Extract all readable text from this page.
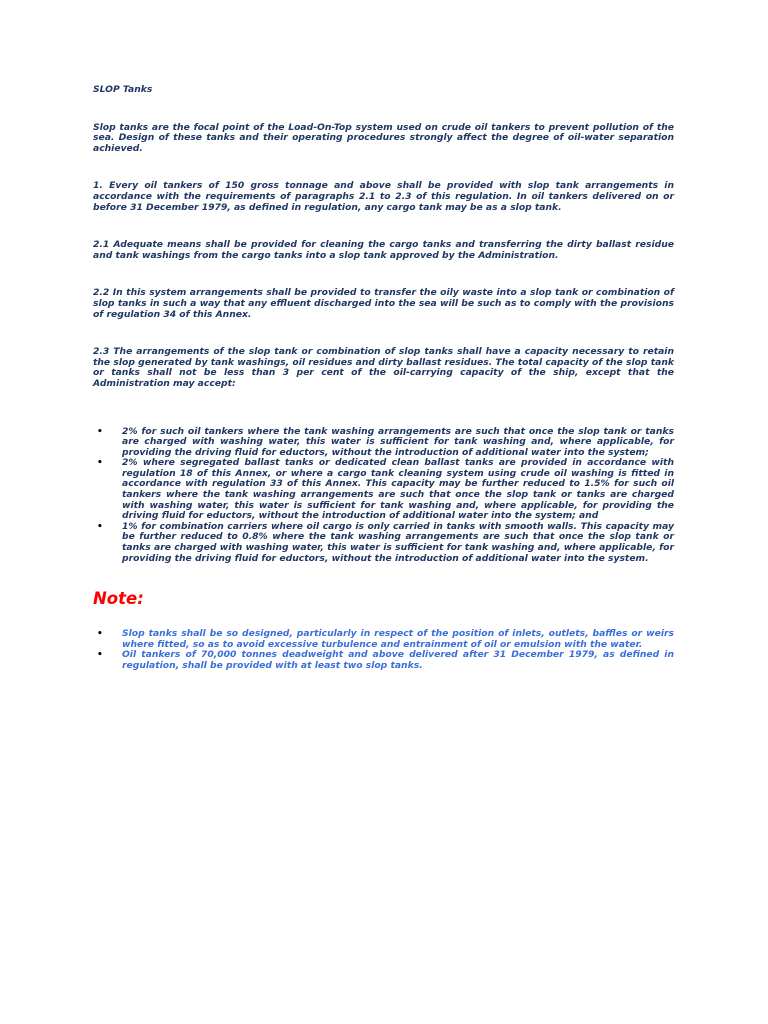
SLOP Tanks

Slop tanks are the focal point of the Load-On-Top system used on crude oil tankers to prevent pollution of the sea. Design of these tanks and their operating procedures strongly affect the degree of oil-water separation achieved.

1. Every oil tankers of 150 gross tonnage and above shall be provided with slop tank arrangements in accordance with the requirements of paragraphs 2.1 to 2.3 of this regulation. In oil tankers delivered on or before 31 December 1979, as defined in regulation, any cargo tank may be as a slop tank.

2.1 Adequate means shall be provided for cleaning the cargo tanks and transferring the dirty ballast residue and tank washings from the cargo tanks into a slop tank approved by the Administration.

2.2 In this system arrangements shall be provided to transfer the oily waste into a slop tank or combination of slop tanks in such a way that any effluent discharged into the sea will be such as to comply with the provisions of regulation 34 of this Annex.

2.3 The arrangements of the slop tank or combination of slop tanks shall have a capacity necessary to retain the slop generated by tank washings, oil residues and dirty ballast residues. The total capacity of the slop tank or tanks shall not be less than 3 per cent of the oil-carrying capacity of the ship, except that the Administration may accept:

• 2% for such oil tankers where the tank washing arrangements are such that once the slop tank or tanks are charged with washing water, this water is sufficient for tank washing and, where applicable, for providing the driving fluid for eductors, without the introduction of additional water into the system;
• 2% where segregated ballast tanks or dedicated clean ballast tanks are provided in accordance with regulation 18 of this Annex, or where a cargo tank cleaning system using crude oil washing is fitted in accordance with regulation 33 of this Annex. This capacity may be further reduced to 1.5% for such oil tankers where the tank washing arrangements are such that once the slop tank or tanks are charged with washing water, this water is sufficient for tank washing and, where applicable, for providing the driving fluid for eductors, without the introduction of additional water into the system; and
• 1% for combination carriers where oil cargo is only carried in tanks with smooth walls. This capacity may be further reduced to 0.8% where the tank washing arrangements are such that once the slop tank or tanks are charged with washing water, this water is sufficient for tank washing and, where applicable, for providing the driving fluid for eductors, without the introduction of additional water into the system.
Note:
• Slop tanks shall be so designed, particularly in respect of the position of inlets, outlets, baffles or weirs where fitted, so as to avoid excessive turbulence and entrainment of oil or emulsion with the water.
• Oil tankers of 70,000 tonnes deadweight and above delivered after 31 December 1979, as defined in regulation, shall be provided with at least two slop tanks.
